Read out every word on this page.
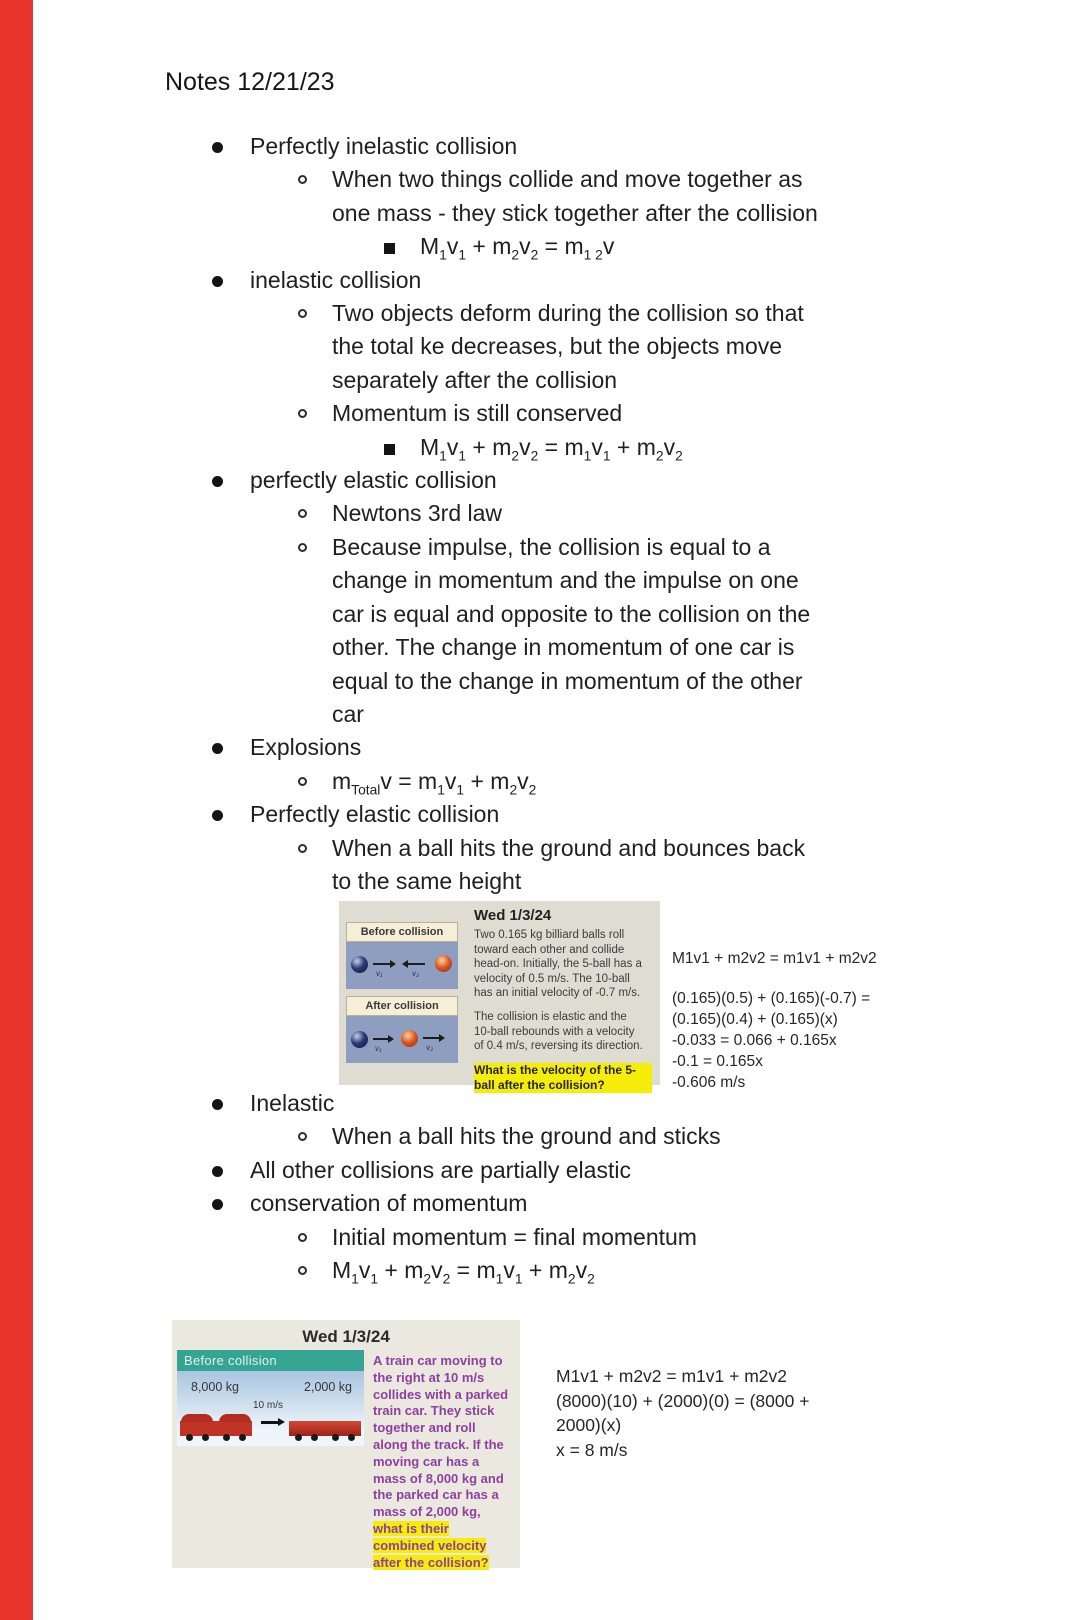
Notes 12/21/23
Perfectly inelastic collision
When two things collide and move together as
one mass - they stick together after the collision
$M_1v_1 + m_2v_2 = m_{1 2}v$
inelastic collision
Two objects deform during the collision so that
the total ke decreases, but the objects move
separately after the collision
Momentum is still conserved
$M_1v_1 + m_2v_2 = m_1v_1 + m_2v_2$
perfectly elastic collision
Newtons 3rd law
Because impulse, the collision is equal to a
change in momentum and the impulse on one
car is equal and opposite to the collision on the
other. The change in momentum of one car is
equal to the change in momentum of the other
car
Explosions
$m_{Total}v = m_1v_1 + m_2v_2$
Perfectly elastic collision
When a ball hits the ground and bounces back
to the same height
Before collision
v₁	v₂
After collision
v₁	v₂
Wed 1/3/24

Two 0.165 kg billiard balls roll toward each other and collide head-on. Initially, the 5-ball has a velocity of 0.5 m/s. The 10-ball has an initial velocity of -0.7 m/s.

The collision is elastic and the 10-ball rebounds with a velocity of 0.4 m/s, reversing its direction.

What is the velocity of the 5-ball after the collision?

M1v1 + m2v2 = m1v1 + m2v2
(0.165)(0.5) + (0.165)(-0.7) =
(0.165)(0.4) + (0.165)(x)
-0.033 = 0.066 + 0.165x
-0.1 = 0.165x
-0.606 m/s
Inelastic
When a ball hits the ground and sticks
All other collisions are partially elastic
conservation of momentum
Initial momentum = final momentum
$M_1v_1 + m_2v_2 = m_1v_1 + m_2v_2$
Wed 1/3/24
Before collision
8,000 kg	2,000 kg
10 m/s
A train car moving to the right at 10 m/s collides with a parked train car. They stick together and roll along the track. If the moving car has a mass of 8,000 kg and the parked car has a mass of 2,000 kg, what is their combined velocity after the collision?
M1v1 + m2v2 = m1v1 + m2v2
(8000)(10) + (2000)(0) = (8000 +
2000)(x)
x = 8 m/s
